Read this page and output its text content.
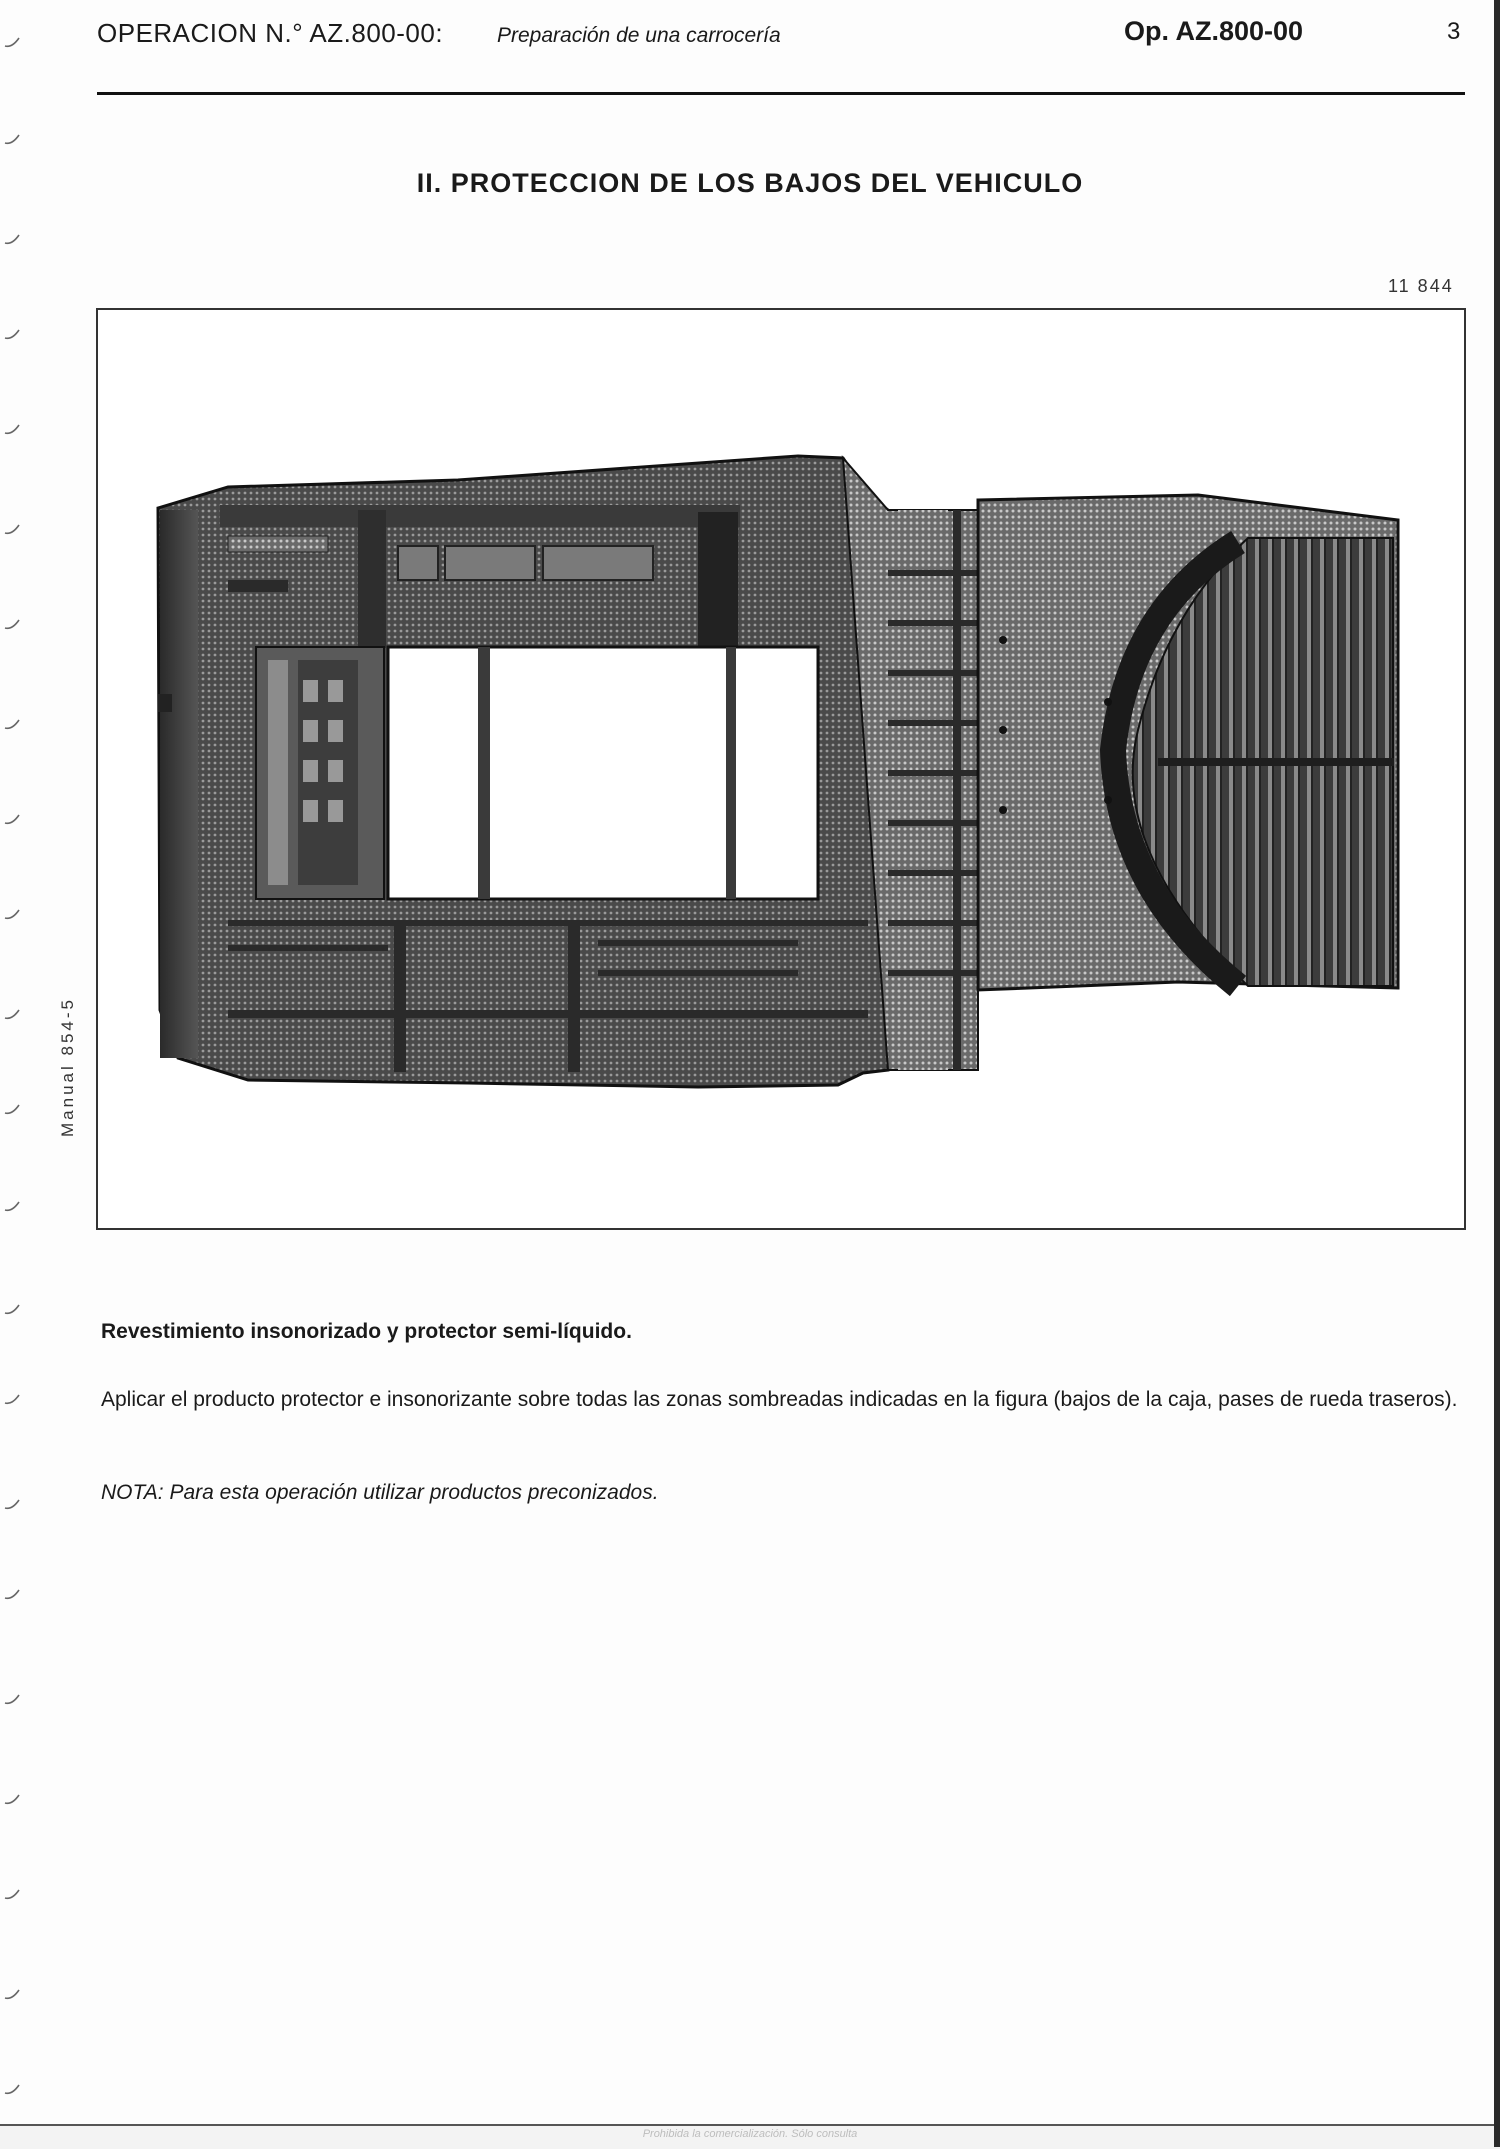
OPERACION N.° AZ.800-00:	Preparación de una carrocería	Op. AZ.800-00	3
II. PROTECCION DE LOS BAJOS DEL VEHICULO
11 844
Manual 854-5
Revestimiento insonorizado y protector semi-líquido.
Aplicar el producto protector e insonorizante sobre todas las zonas sombreadas indicadas en la figura (bajos de la caja, pases de rueda traseros).
NOTA: Para esta operación utilizar productos preconizados.
Prohibida la comercialización. Sólo consulta
